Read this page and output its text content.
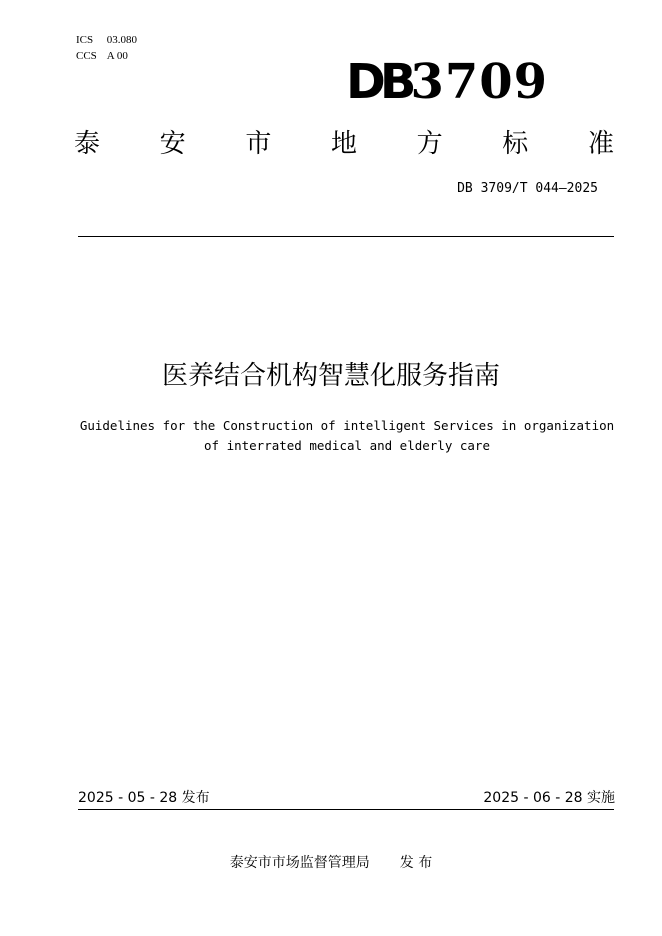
ICS 03.080
CCS A 00	DB3709
泰 安 市 地 方 标 准
DB 3709/T 044—2025
医养结合机构智慧化服务指南
Guidelines for the Construction of intelligent Services in organization
of interrated medical and elderly care
2025 - 05 - 28 发布	2025 - 06 - 28 实施
泰安市市场监督管理局 发 布
